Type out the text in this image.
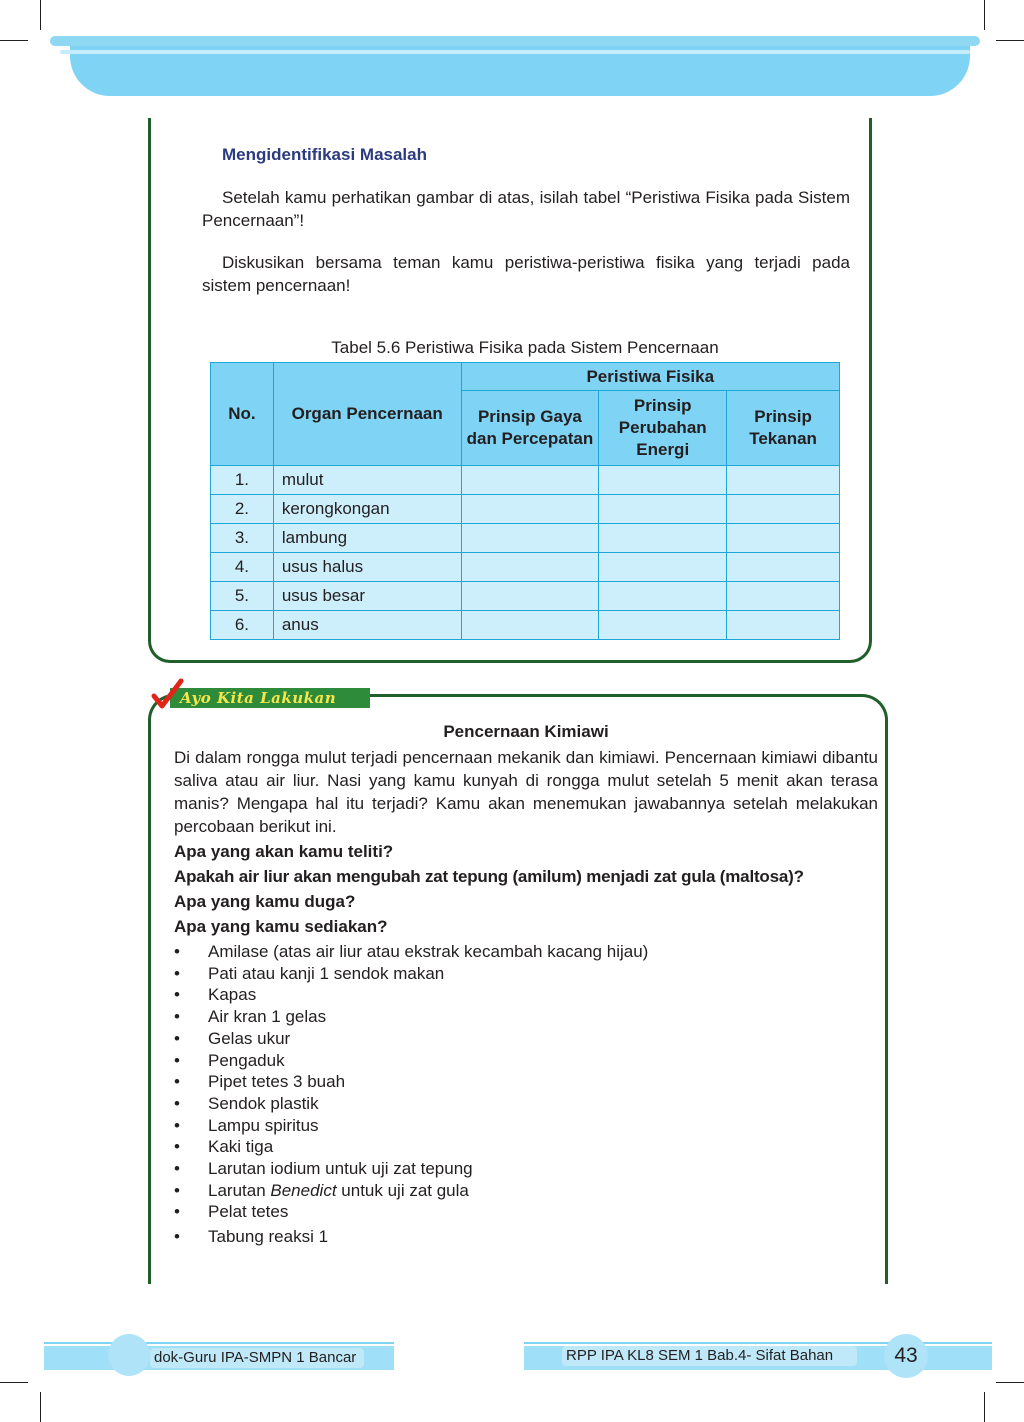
Mengidentifikasi Masalah
Setelah kamu perhatikan gambar di atas, isilah tabel “Peristiwa Fisika pada Sistem Pencernaan”!
Diskusikan bersama teman kamu peristiwa-peristiwa fisika yang terjadi pada sistem pencernaan!
Tabel 5.6 Peristiwa Fisika pada Sistem Pencernaan
No.	Organ Pencernaan	Peristiwa Fisika		
		Prinsip Gaya dan Percepatan	Prinsip Perubahan Energi	Prinsip Tekanan
1.	mulut			
2.	kerongkongan			
3.	lambung			
4.	usus halus			
5.	usus besar			
6.	anus			
Ayo Kita Lakukan
Pencernaan Kimiawi
Di dalam rongga mulut terjadi pencernaan mekanik dan kimiawi. Pencernaan kimiawi dibantu saliva atau air liur. Nasi yang kamu kunyah di rongga mulut setelah 5 menit akan terasa manis? Mengapa hal itu terjadi? Kamu akan menemukan jawabannya setelah melakukan percobaan berikut ini.
Apa yang akan kamu teliti?
Apakah air liur akan mengubah zat tepung (amilum) menjadi zat gula (maltosa)?
Apa yang kamu duga?
Apa yang kamu sediakan?
• Amilase (atas air liur atau ekstrak kecambah kacang hijau)
• Pati atau kanji 1 sendok makan
• Kapas
• Air kran 1 gelas
• Gelas ukur
• Pengaduk
• Pipet tetes 3 buah
• Sendok plastik
• Lampu spiritus
• Kaki tiga
• Larutan iodium untuk uji zat tepung
• Larutan Benedict untuk uji zat gula
• Pelat tetes
• Tabung reaksi 1
dok-Guru IPA-SMPN 1 Bancar	RPP IPA KL8 SEM 1 Bab.4- Sifat Bahan	43
